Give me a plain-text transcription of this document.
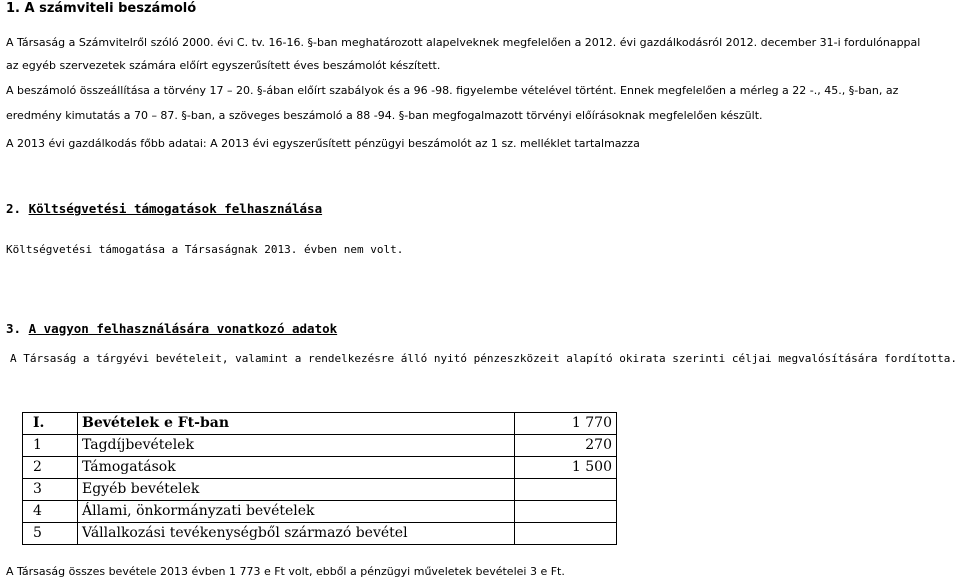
1. A számviteli beszámoló
A Társaság a Számvitelről szóló 2000. évi C. tv. 16-16. §-ban meghatározott alapelveknek megfelelően a 2012. évi gazdálkodásról 2012. december 31-i fordulónappal
az egyéb szervezetek számára előírt egyszerűsített éves beszámolót készített.
A beszámoló összeállítása a törvény 17 – 20. §-ában előírt szabályok és a 96 -98. figyelembe vételével történt. Ennek megfelelően a mérleg a 22 -., 45., §-ban, az
eredmény kimutatás a 70 – 87. §-ban, a szöveges beszámoló a 88 -94. §-ban megfogalmazott törvényi előírásoknak megfelelően készült.
A 2013 évi gazdálkodás főbb adatai: A 2013 évi egyszerűsített pénzügyi beszámolót az 1 sz. melléklet tartalmazza
2. Költségvetési támogatások felhasználása
Költségvetési támogatása a Társaságnak 2013. évben nem volt.
3. A vagyon felhasználására vonatkozó adatok
A Társaság a tárgyévi bevételeit, valamint a rendelkezésre álló nyitó pénzeszközeit alapító okirata szerinti céljai megvalósítására fordította.
I.	Bevételek e Ft-ban	1 770
1	Tagdíjbevételek	270
2	Támogatások	1 500
3	Egyéb bevételek	
4	Állami, önkormányzati bevételek	
5	Vállalkozási tevékenységből származó bevétel	
A Társaság összes bevétele 2013 évben 1 773 e Ft volt, ebből a pénzügyi műveletek bevételei 3 e Ft.
